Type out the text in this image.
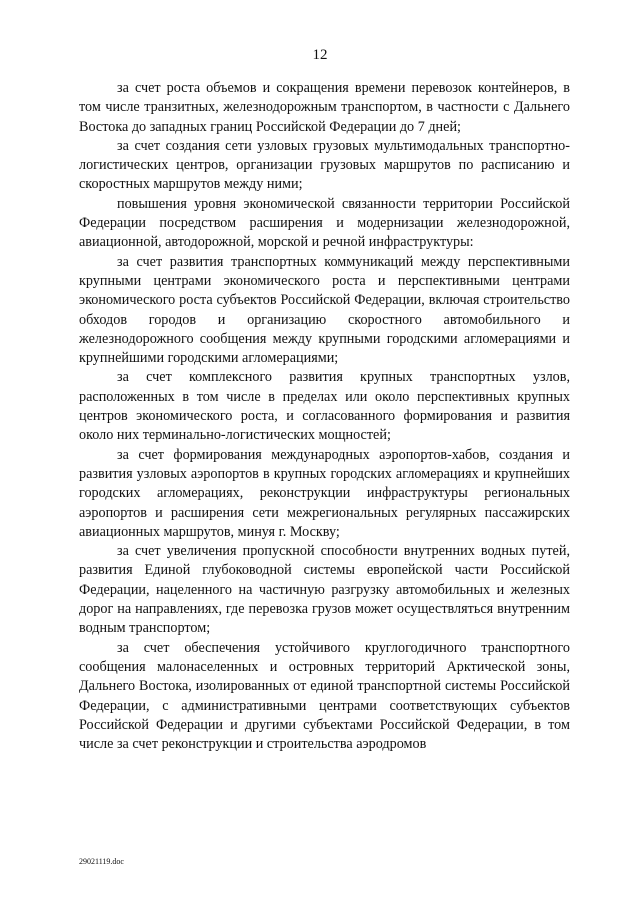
12

за счет роста объемов и сокращения времени перевозок контейнеров, в том числе транзитных, железнодорожным транспортом, в частности с Дальнего Востока до западных границ Российской Федерации до 7 дней;

за счет создания сети узловых грузовых мультимодальных транспортно-логистических центров, организации грузовых маршрутов по расписанию и скоростных маршрутов между ними;

повышения уровня экономической связанности территории Российской Федерации посредством расширения и модернизации железнодорожной, авиационной, автодорожной, морской и речной инфраструктуры:

за счет развития транспортных коммуникаций между перспективными крупными центрами экономического роста и перспективными центрами экономического роста субъектов Российской Федерации, включая строительство обходов городов и организацию скоростного автомобильного и железнодорожного сообщения между крупными городскими агломерациями и крупнейшими городскими агломерациями;

за счет комплексного развития крупных транспортных узлов, расположенных в том числе в пределах или около перспективных крупных центров экономического роста, и согласованного формирования и развития около них терминально-логистических мощностей;

за счет формирования международных аэропортов-хабов, создания и развития узловых аэропортов в крупных городских агломерациях и крупнейших городских агломерациях, реконструкции инфраструктуры региональных аэропортов и расширения сети межрегиональных регулярных пассажирских авиационных маршрутов, минуя г. Москву;

за счет увеличения пропускной способности внутренних водных путей, развития Единой глубоководной системы европейской части Российской Федерации, нацеленного на частичную разгрузку автомобильных и железных дорог на направлениях, где перевозка грузов может осуществляться внутренним водным транспортом;

за счет обеспечения устойчивого круглогодичного транспортного сообщения малонаселенных и островных территорий Арктической зоны, Дальнего Востока, изолированных от единой транспортной системы Российской Федерации, с административными центрами соответствующих субъектов Российской Федерации и другими субъектами Российской Федерации, в том числе за счет реконструкции и строительства аэродромов

29021119.doc
